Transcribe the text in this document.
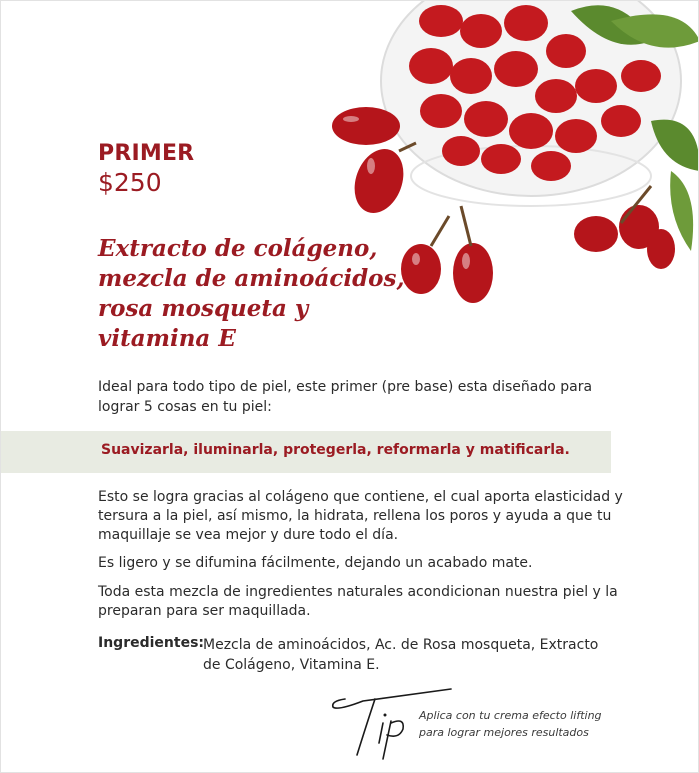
PRIMER
$250
Extracto de colágeno,
mezcla de aminoácidos,
rosa mosqueta y
vitamina E
Ideal para todo tipo de piel, este primer (pre base) esta diseñado para lograr 5 cosas en tu piel:
Suavizarla, iluminarla, protegerla, reformarla y matificarla.
Esto se logra gracias al colágeno que contiene, el cual aporta elasticidad y tersura a la piel, así mismo, la hidrata, rellena los poros y ayuda a que tu maquillaje se vea mejor y dure todo el día.
Es ligero y se difumina fácilmente, dejando un acabado mate.
Toda esta mezcla de ingredientes naturales acondicionan nuestra piel y la preparan para ser maquillada.
Ingredientes: Mezcla de aminoácidos, Ac. de Rosa mosqueta, Extracto de Colágeno, Vitamina E.
Aplica con tu crema efecto lifting
para lograr mejores resultados
